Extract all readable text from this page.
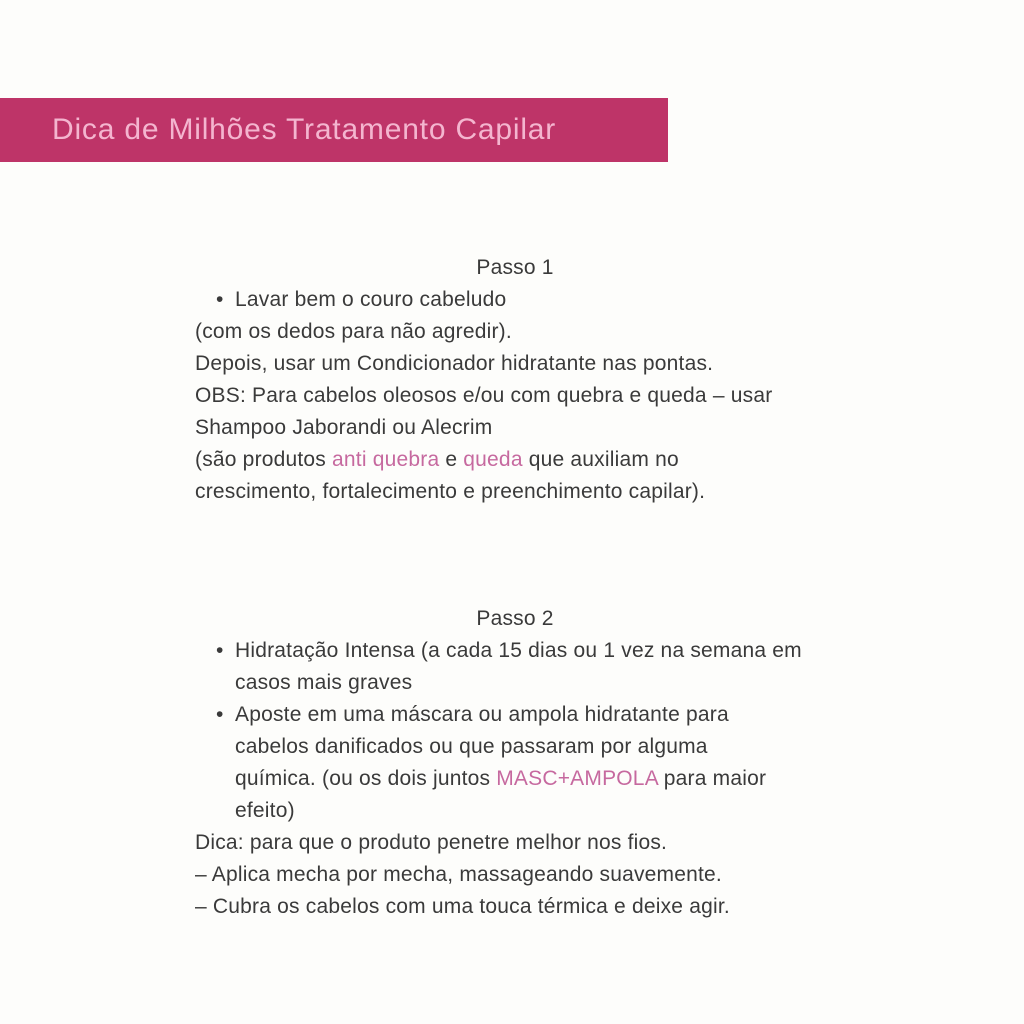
Dica de Milhões Tratamento Capilar
Passo 1
• Lavar bem o couro cabeludo
(com os dedos para não agredir).
Depois, usar um Condicionador hidratante nas pontas.
OBS: Para cabelos oleosos e/ou com quebra e queda – usar
Shampoo Jaborandi ou Alecrim
(são produtos anti quebra e queda que auxiliam no
crescimento, fortalecimento e preenchimento capilar).
Passo 2
• Hidratação Intensa (a cada 15 dias ou 1 vez na semana em
casos mais graves
• Aposte em uma máscara ou ampola hidratante para
cabelos danificados ou que passaram por alguma
química. (ou os dois juntos MASC+AMPOLA para maior
efeito)
Dica: para que o produto penetre melhor nos fios.
– Aplica mecha por mecha, massageando suavemente.
– Cubra os cabelos com uma touca térmica e deixe agir.
